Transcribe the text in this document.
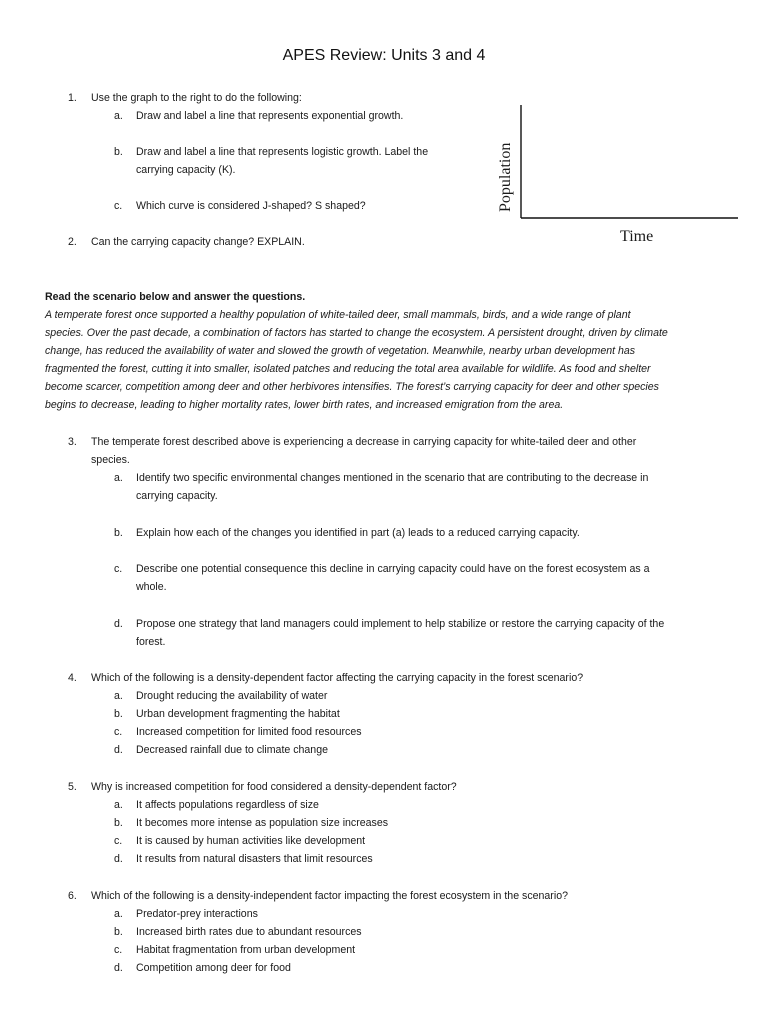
APES Review: Units 3 and 4
1. Use the graph to the right to do the following:
a. Draw and label a line that represents exponential growth.
b. Draw and label a line that represents logistic growth. Label the
carrying capacity (K).
c. Which curve is considered J-shaped? S shaped?	Population
Time
2. Can the carrying capacity change? EXPLAIN.
Read the scenario below and answer the questions.
A temperate forest once supported a healthy population of white-tailed deer, small mammals, birds, and a wide range of plant
species. Over the past decade, a combination of factors has started to change the ecosystem. A persistent drought, driven by climate
change, has reduced the availability of water and slowed the growth of vegetation. Meanwhile, nearby urban development has
fragmented the forest, cutting it into smaller, isolated patches and reducing the total area available for wildlife. As food and shelter
become scarcer, competition among deer and other herbivores intensifies. The forest’s carrying capacity for deer and other species
begins to decrease, leading to higher mortality rates, lower birth rates, and increased emigration from the area.
3. The temperate forest described above is experiencing a decrease in carrying capacity for white-tailed deer and other
species.
a. Identify two specific environmental changes mentioned in the scenario that are contributing to the decrease in
carrying capacity.
b. Explain how each of the changes you identified in part (a) leads to a reduced carrying capacity.
c. Describe one potential consequence this decline in carrying capacity could have on the forest ecosystem as a
whole.
d. Propose one strategy that land managers could implement to help stabilize or restore the carrying capacity of the
forest.
4. Which of the following is a density-dependent factor affecting the carrying capacity in the forest scenario?
a. Drought reducing the availability of water
b. Urban development fragmenting the habitat
c. Increased competition for limited food resources
d. Decreased rainfall due to climate change
5. Why is increased competition for food considered a density-dependent factor?
a. It affects populations regardless of size
b. It becomes more intense as population size increases
c. It is caused by human activities like development
d. It results from natural disasters that limit resources
6. Which of the following is a density-independent factor impacting the forest ecosystem in the scenario?
a. Predator-prey interactions
b. Increased birth rates due to abundant resources
c. Habitat fragmentation from urban development
d. Competition among deer for food
